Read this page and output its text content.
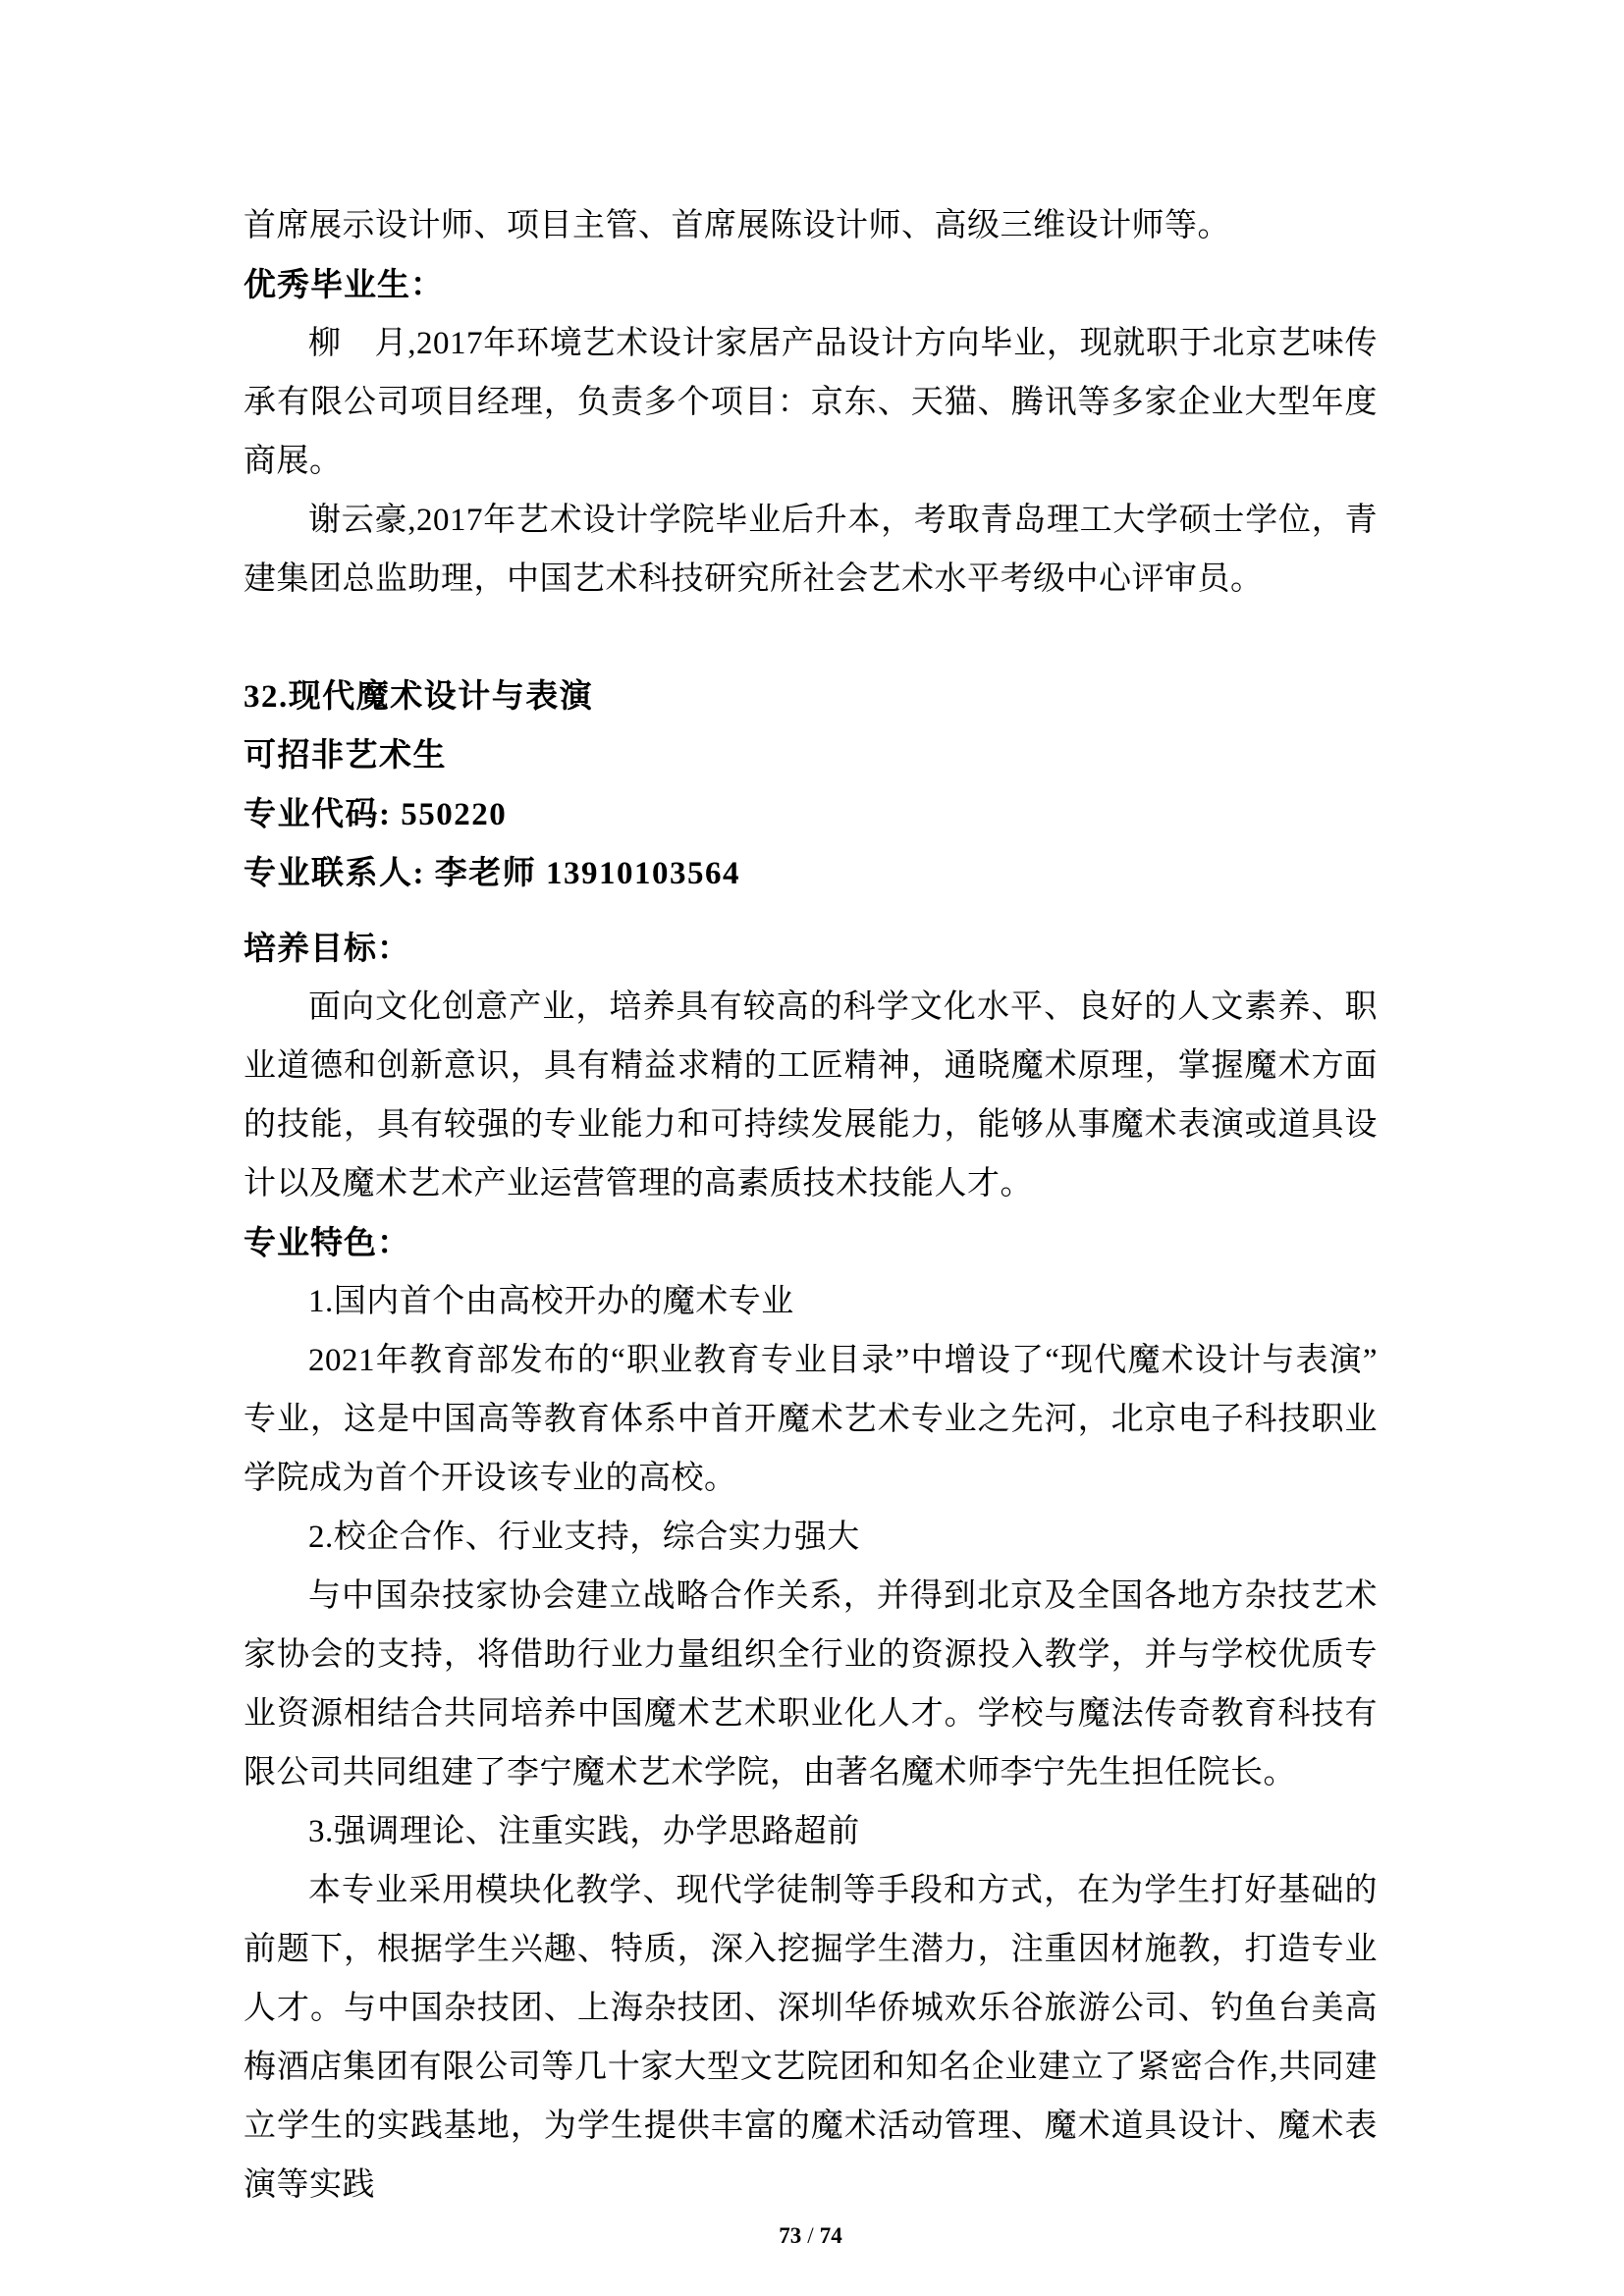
首席展示设计师、项目主管、首席展陈设计师、高级三维设计师等。

优秀毕业生：

柳　月,2017年环境艺术设计家居产品设计方向毕业，现就职于北京艺味传承有限公司项目经理，负责多个项目：京东、天猫、腾讯等多家企业大型年度商展。

谢云豪,2017年艺术设计学院毕业后升本，考取青岛理工大学硕士学位，青建集团总监助理，中国艺术科技研究所社会艺术水平考级中心评审员。

32.现代魔术设计与表演

可招非艺术生

专业代码: 550220

专业联系人: 李老师 13910103564

培养目标：

面向文化创意产业，培养具有较高的科学文化水平、良好的人文素养、职业道德和创新意识，具有精益求精的工匠精神，通晓魔术原理，掌握魔术方面的技能，具有较强的专业能力和可持续发展能力，能够从事魔术表演或道具设计以及魔术艺术产业运营管理的高素质技术技能人才。

专业特色：

1.国内首个由高校开办的魔术专业

2021年教育部发布的“职业教育专业目录”中增设了“现代魔术设计与表演”专业，这是中国高等教育体系中首开魔术艺术专业之先河，北京电子科技职业学院成为首个开设该专业的高校。

2.校企合作、行业支持，综合实力强大

与中国杂技家协会建立战略合作关系，并得到北京及全国各地方杂技艺术家协会的支持，将借助行业力量组织全行业的资源投入教学，并与学校优质专业资源相结合共同培养中国魔术艺术职业化人才。学校与魔法传奇教育科技有限公司共同组建了李宁魔术艺术学院，由著名魔术师李宁先生担任院长。

3.强调理论、注重实践，办学思路超前

本专业采用模块化教学、现代学徒制等手段和方式，在为学生打好基础的前题下，根据学生兴趣、特质，深入挖掘学生潜力，注重因材施教，打造专业人才。与中国杂技团、上海杂技团、深圳华侨城欢乐谷旅游公司、钓鱼台美高梅酒店集团有限公司等几十家大型文艺院团和知名企业建立了紧密合作,共同建立学生的实践基地，为学生提供丰富的魔术活动管理、魔术道具设计、魔术表演等实践

73 / 74
